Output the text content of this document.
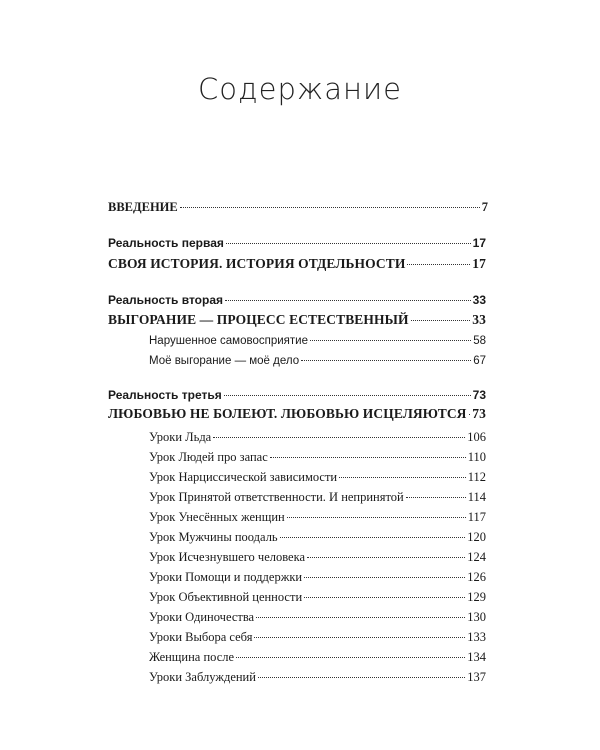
Содержание
ВВЕДЕНИЕ	7
Реальность первая	17
СВОЯ ИСТОРИЯ. ИСТОРИЯ ОТДЕЛЬНОСТИ	17
Реальность вторая	33
ВЫГОРАНИЕ — ПРОЦЕСС ЕСТЕСТВЕННЫЙ	33
Нарушенное самовосприятие	58
Моё выгорание — моё дело	67
Реальность третья	73
ЛЮБОВЬЮ НЕ БОЛЕЮТ. ЛЮБОВЬЮ ИСЦЕЛЯЮТСЯ 73
Уроки Льда	106
Урок Людей про запас	110
Урок Нарциссической зависимости	112
Урок Принятой ответственности. И непринятой	114
Урок Унесённых женщин	117
Урок Мужчины поодаль	120
Урок Исчезнувшего человека	124
Уроки Помощи и поддержки	126
Урок Объективной ценности	129
Уроки Одиночества	130
Уроки Выбора себя	133
Женщина после	134
Уроки Заблуждений	137
